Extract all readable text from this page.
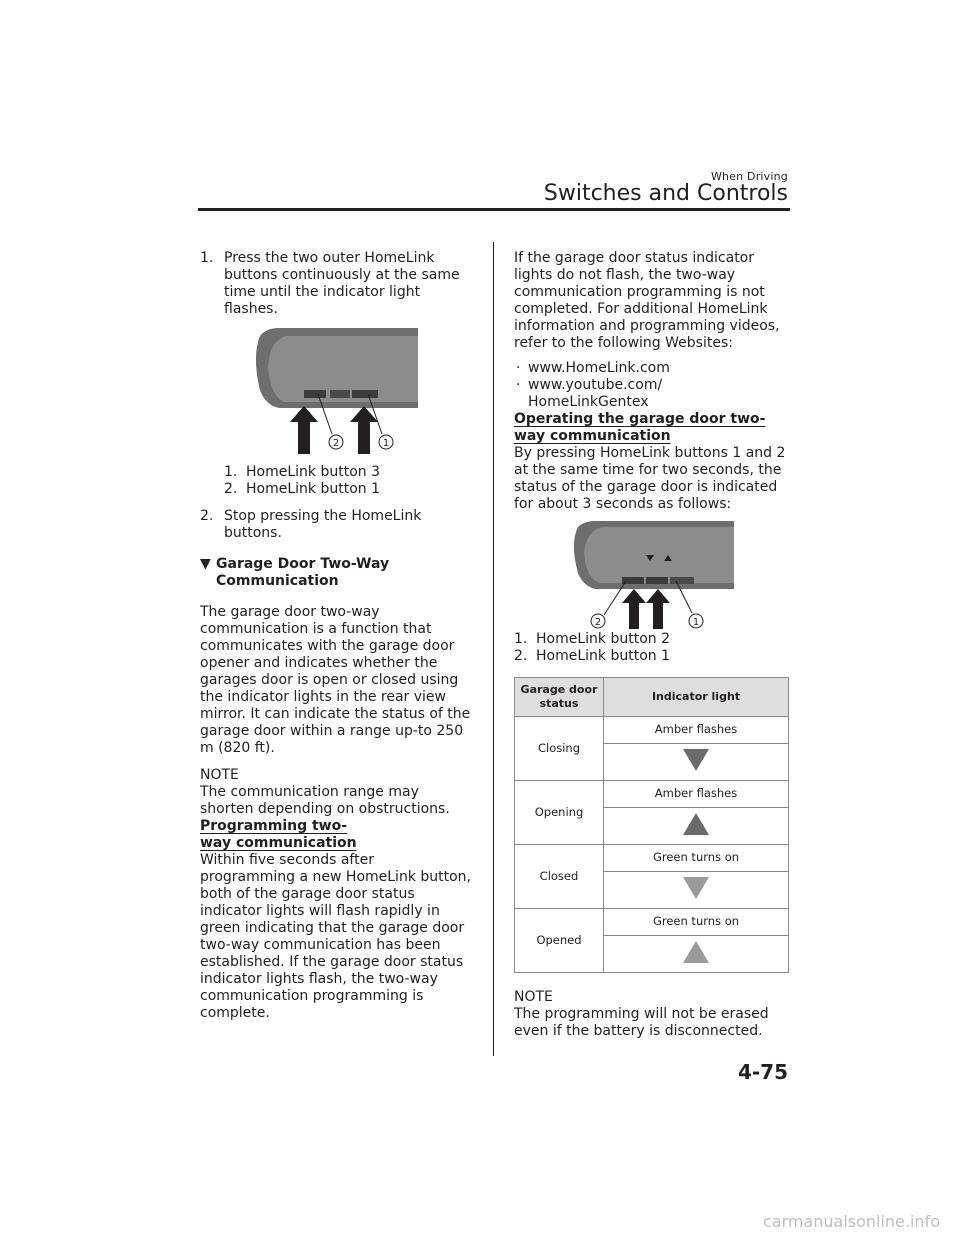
When Driving
Switches and Controls
1. Press the two outer HomeLink buttons continuously at the same time until the indicator light flashes.
2	1
1. HomeLink button 3
2. HomeLink button 1
2. Stop pressing the HomeLink buttons.
▼ Garage Door Two-Way
Communication

The garage door two-way communication is a function that communicates with the garage door opener and indicates whether the garages door is open or closed using the indicator lights in the rear view mirror. It can indicate the status of the garage door within a range up-to 250 m (820 ft).

NOTE

The communication range may shorten depending on obstructions.

Programming two-way communication

Within five seconds after programming a new HomeLink button, both of the garage door status indicator lights will flash rapidly in green indicating that the garage door two-way communication has been established. If the garage door status indicator lights flash, the two-way communication programming is complete.

If the garage door status indicator lights do not flash, the two-way communication programming is not completed. For additional HomeLink information and programming videos, refer to the following Websites:

· www.HomeLink.com
· www.youtube.com/ HomeLinkGentex

Operating the garage door two-way communication

By pressing HomeLink buttons 1 and 2 at the same time for two seconds, the status of the garage door is indicated for about 3 seconds as follows:

2	1
1. HomeLink button 2
2. HomeLink button 1
Garage door status	Indicator light
Closing	Amber flashes

Opening	Amber flashes

Closed	Green turns on

Opened	Green turns on

NOTE

The programming will not be erased even if the battery is disconnected.

4-75
carmanualsonline.info
